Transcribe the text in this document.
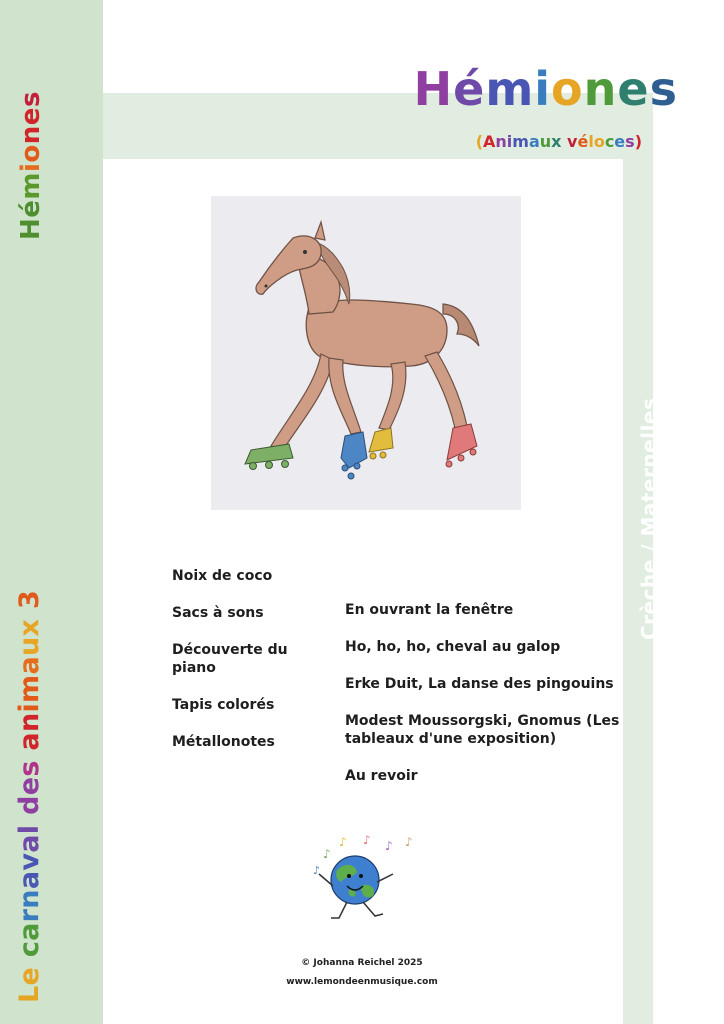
Hémiones
Le carnaval des animaux 3	Crèche / Maternelles
Hémiones

(Animaux véloces)

Noix de coco

Sacs à sons

Découverte du piano

Tapis colorés

Métallonotes

En ouvrant la fenêtre

Ho, ho, ho, cheval au galop

Erke Duit, La danse des pingouins

Modest Moussorgski, Gnomus (Les tableaux d'une exposition)

Au revoir

♪
♪ ♪ ♪ ♪
♪
© Johanna Reichel 2025
www.lemondeenmusique.com
